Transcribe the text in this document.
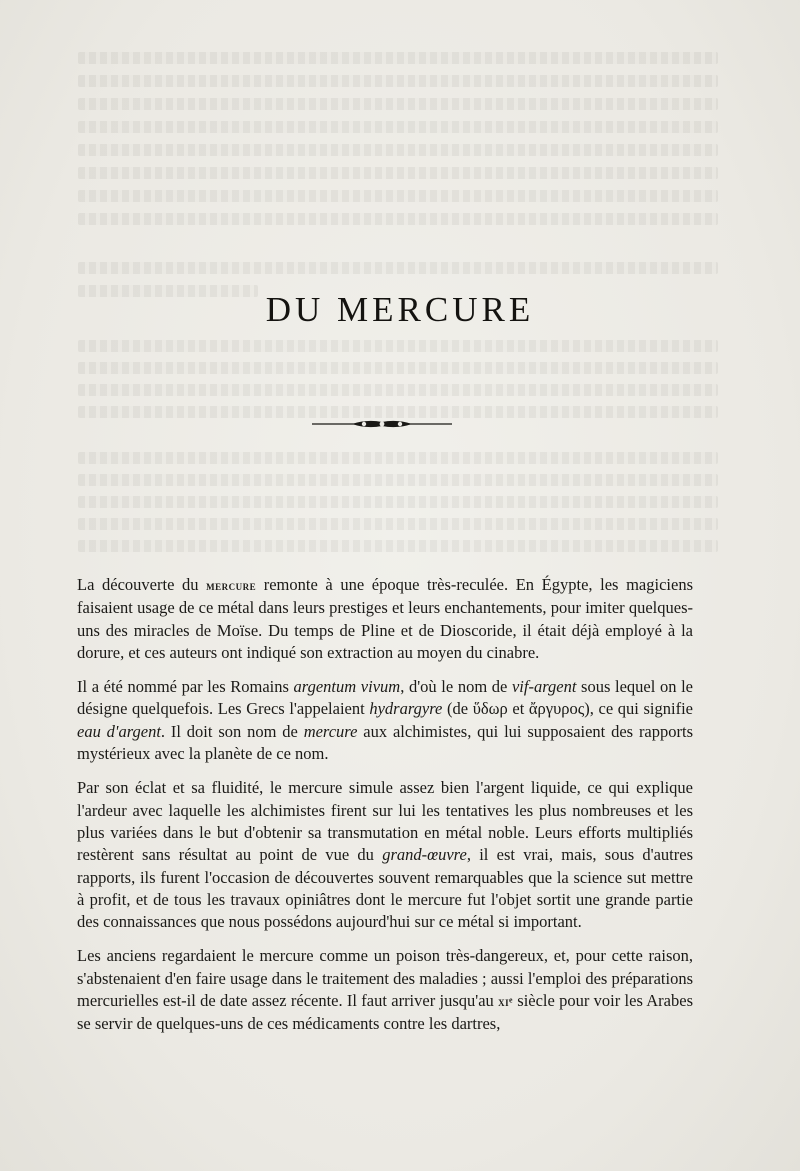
DU MERCURE

La découverte du mercure remonte à une époque très-reculée. En Égypte, les magiciens faisaient usage de ce métal dans leurs prestiges et leurs enchantements, pour imiter quelques-uns des miracles de Moïse. Du temps de Pline et de Dioscoride, il était déjà employé à la dorure, et ces auteurs ont indiqué son extraction au moyen du cinabre.

Il a été nommé par les Romains argentum vivum, d'où le nom de vif-argent sous lequel on le désigne quelquefois. Les Grecs l'appelaient hydrargyre (de ὕδωρ et ἄργυρος), ce qui signifie eau d'argent. Il doit son nom de mercure aux alchimistes, qui lui supposaient des rapports mystérieux avec la planète de ce nom.

Par son éclat et sa fluidité, le mercure simule assez bien l'argent liquide, ce qui explique l'ardeur avec laquelle les alchimistes firent sur lui les tentatives les plus nombreuses et les plus variées dans le but d'obtenir sa transmutation en métal noble. Leurs efforts multipliés restèrent sans résultat au point de vue du grand-œuvre, il est vrai, mais, sous d'autres rapports, ils furent l'occasion de découvertes souvent remarquables que la science sut mettre à profit, et de tous les travaux opiniâtres dont le mercure fut l'objet sortit une grande partie des connaissances que nous possédons aujourd'hui sur ce métal si important.

Les anciens regardaient le mercure comme un poison très-dangereux, et, pour cette raison, s'abstenaient d'en faire usage dans le traitement des maladies ; aussi l'emploi des préparations mercurielles est-il de date assez récente. Il faut arriver jusqu'au xiᵉ siècle pour voir les Arabes se servir de quelques-uns de ces médicaments contre les dartres,
